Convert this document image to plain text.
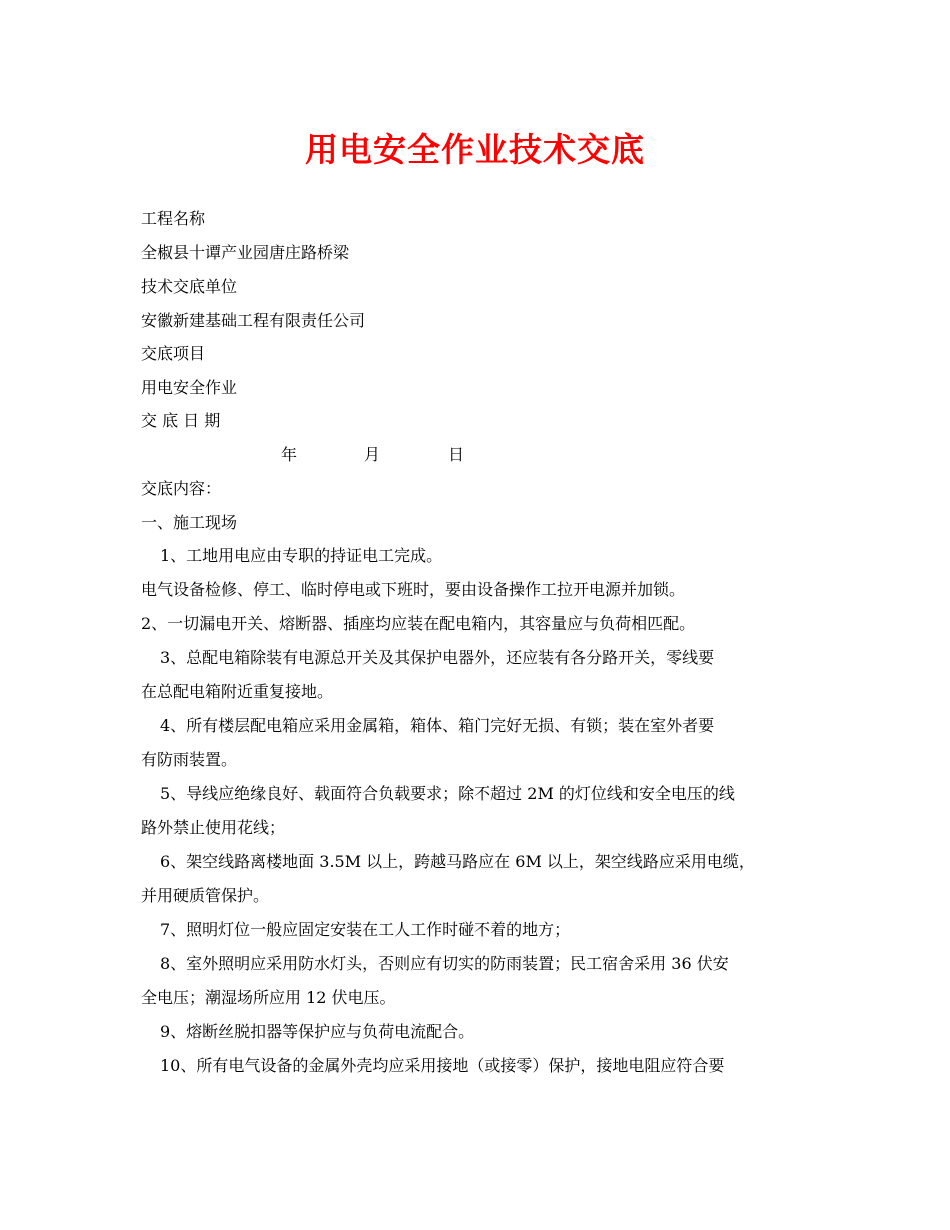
用电安全作业技术交底
工程名称
全椒县十谭产业园唐庄路桥梁
技术交底单位
安徽新建基础工程有限责任公司
交底项目
用电安全作业
交 底 日 期
年	月	日
交底内容：
一、施工现场
1、工地用电应由专职的持证电工完成。
电气设备检修、停工、临时停电或下班时，要由设备操作工拉开电源并加锁。
2、一切漏电开关、熔断器、插座均应装在配电箱内，其容量应与负荷相匹配。
3、总配电箱除装有电源总开关及其保护电器外，还应装有各分路开关，零线要
在总配电箱附近重复接地。
4、所有楼层配电箱应采用金属箱，箱体、箱门完好无损、有锁；装在室外者要
有防雨装置。
5、导线应绝缘良好、载面符合负载要求；除不超过 2M 的灯位线和安全电压的线
路外禁止使用花线；
6、架空线路离楼地面 3.5M 以上，跨越马路应在 6M 以上，架空线路应采用电缆，
并用硬质管保护。
7、照明灯位一般应固定安装在工人工作时碰不着的地方；
8、室外照明应采用防水灯头，否则应有切实的防雨装置；民工宿舍采用 36 伏安
全电压；潮湿场所应用 12 伏电压。
9、熔断丝脱扣器等保护应与负荷电流配合。
10、所有电气设备的金属外壳均应采用接地（或接零）保护，接地电阻应符合要
